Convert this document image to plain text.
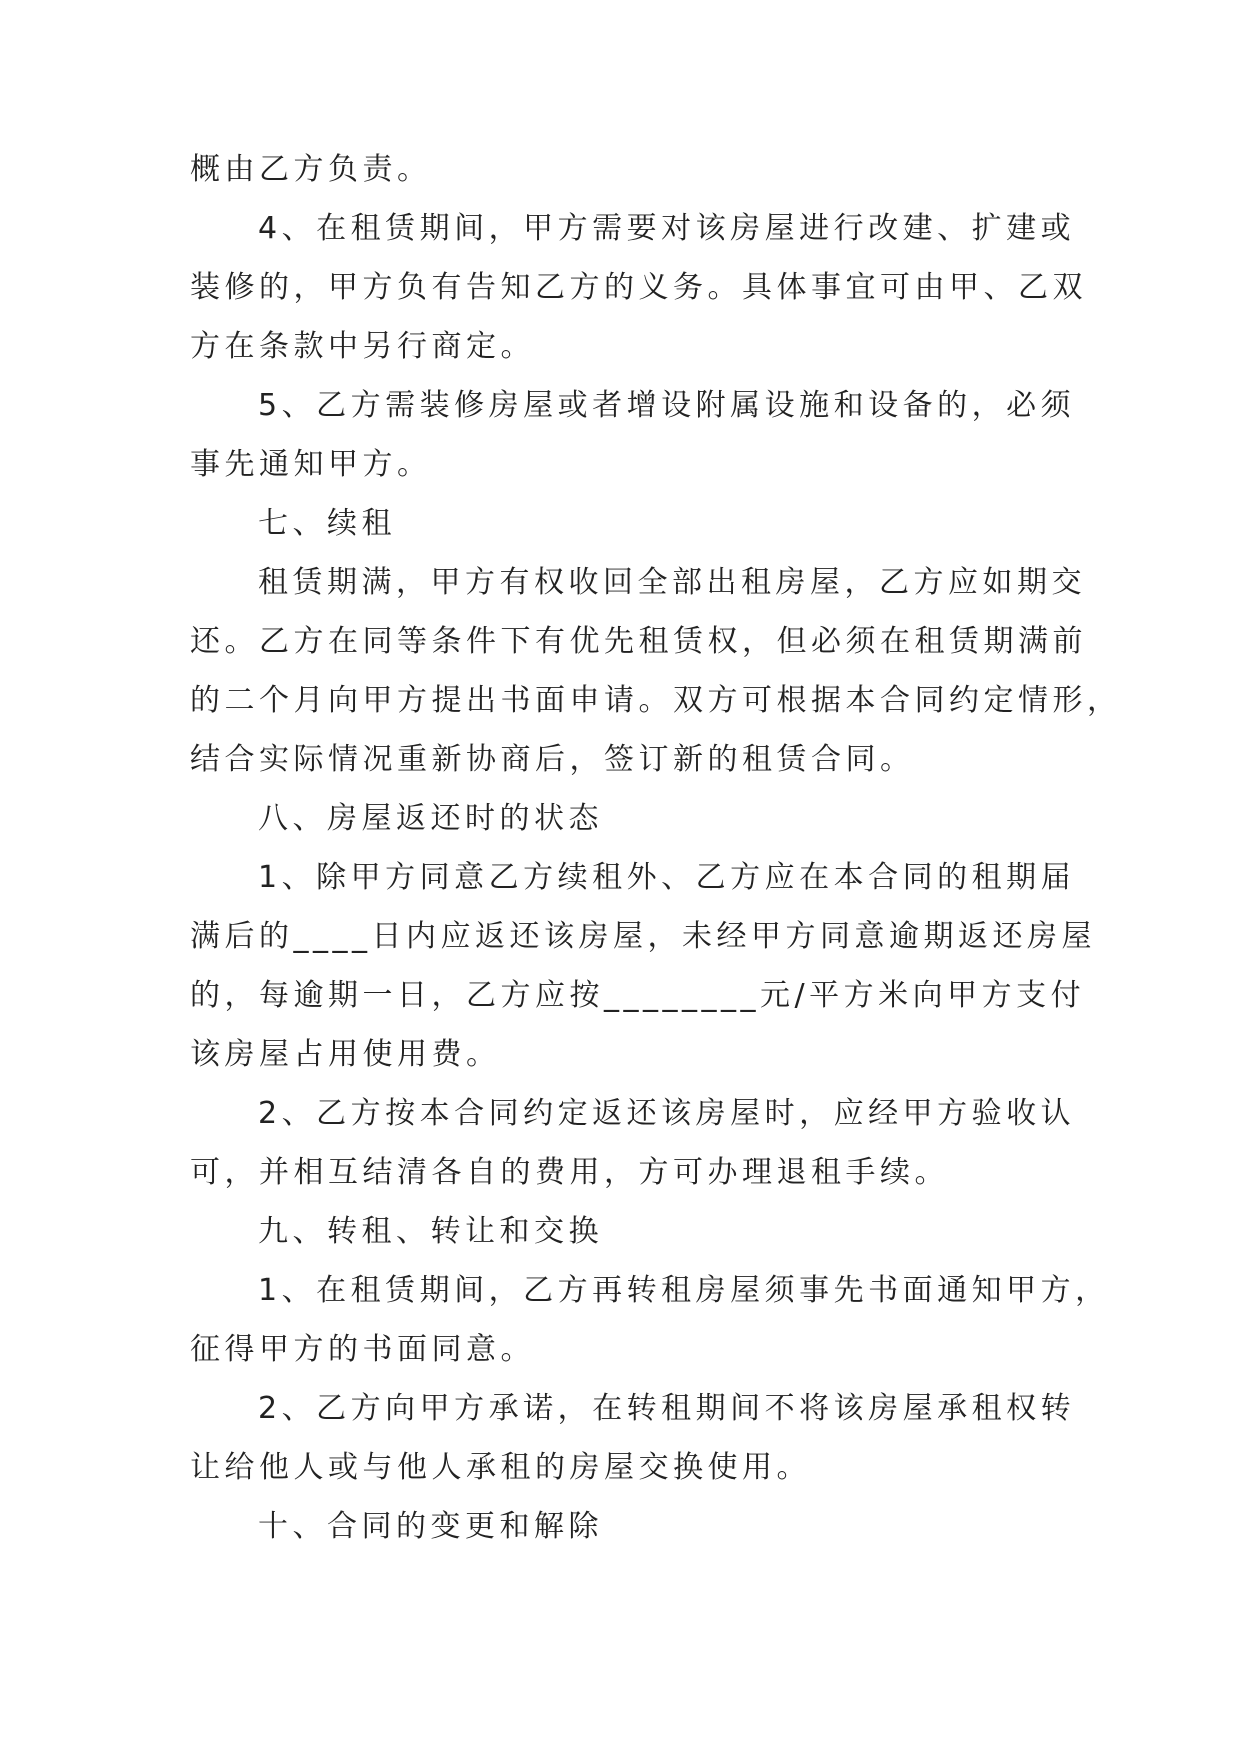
概由乙方负责。
4、在租赁期间，甲方需要对该房屋进行改建、扩建或
装修的，甲方负有告知乙方的义务。具体事宜可由甲、乙双
方在条款中另行商定。
5、乙方需装修房屋或者增设附属设施和设备的，必须
事先通知甲方。
七、续租
租赁期满，甲方有权收回全部出租房屋，乙方应如期交
还。乙方在同等条件下有优先租赁权，但必须在租赁期满前
的二个月向甲方提出书面申请。双方可根据本合同约定情形，
结合实际情况重新协商后，签订新的租赁合同。
八、房屋返还时的状态
1、除甲方同意乙方续租外、乙方应在本合同的租期届
满后的____日内应返还该房屋，未经甲方同意逾期返还房屋
的，每逾期一日，乙方应按________元/平方米向甲方支付
该房屋占用使用费。
2、乙方按本合同约定返还该房屋时，应经甲方验收认
可，并相互结清各自的费用，方可办理退租手续。
九、转租、转让和交换
1、在租赁期间，乙方再转租房屋须事先书面通知甲方，
征得甲方的书面同意。
2、乙方向甲方承诺，在转租期间不将该房屋承租权转
让给他人或与他人承租的房屋交换使用。
十、合同的变更和解除
